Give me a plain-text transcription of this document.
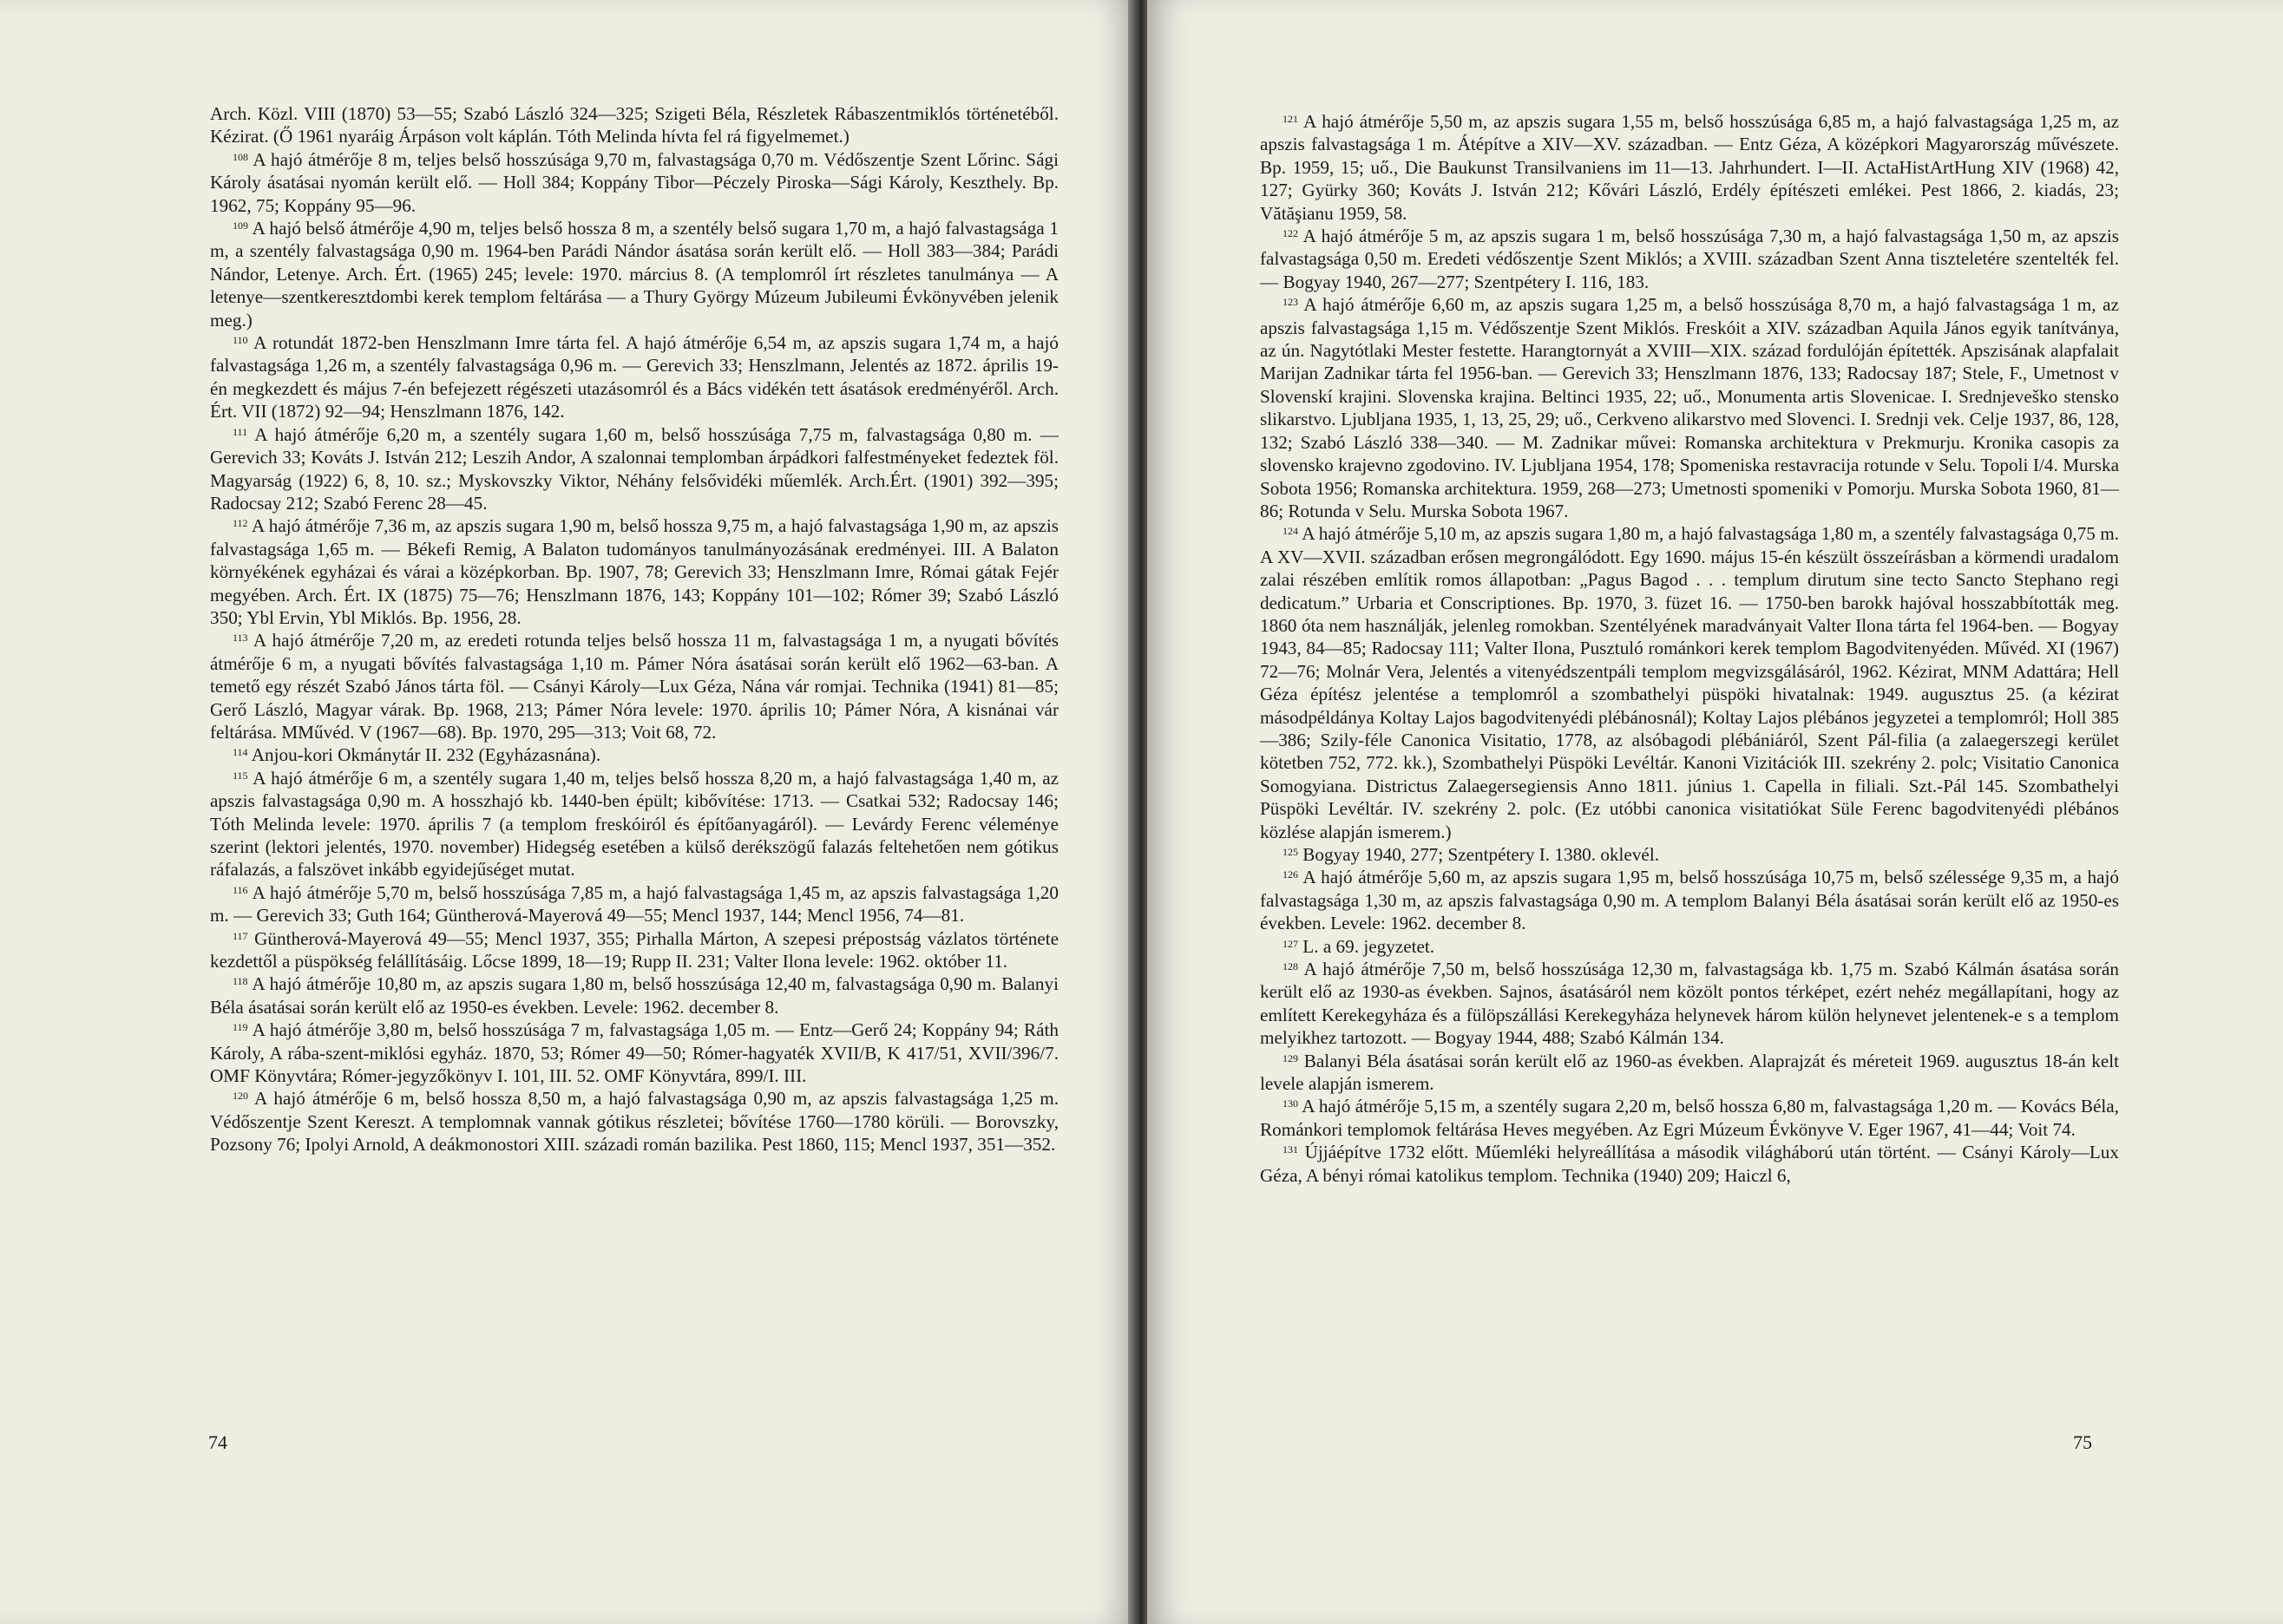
Arch. Közl. VIII (1870) 53—55; Szabó László 324—325; Szigeti Béla, Részletek Rábaszentmiklós történetéből. Kézirat. (Ő 1961 nyaráig Árpáson volt káplán. Tóth Melinda hívta fel rá figyelmemet.)

$^{108}$ A hajó átmérője 8 m, teljes belső hosszúsága 9,70 m, falvastagsága 0,70 m. Védőszentje Szent Lőrinc. Sági Károly ásatásai nyomán került elő. — Holl 384; Koppány Tibor—Péczely Piroska—Sági Károly, Keszthely. Bp. 1962, 75; Koppány 95—96.

$^{109}$ A hajó belső átmérője 4,90 m, teljes belső hossza 8 m, a szentély belső sugara 1,70 m, a hajó falvastagsága 1 m, a szentély falvastagsága 0,90 m. 1964-ben Parádi Nándor ásatása során került elő. — Holl 383—384; Parádi Nándor, Letenye. Arch. Ért. (1965) 245; levele: 1970. március 8. (A templomról írt részletes tanulmánya — A letenye—szentkeresztdombi kerek templom feltárása — a Thury György Múzeum Jubileumi Évkönyvében jelenik meg.)

$^{110}$ A rotundát 1872-ben Henszlmann Imre tárta fel. A hajó átmérője 6,54 m, az apszis sugara 1,74 m, a hajó falvastagsága 1,26 m, a szentély falvastagsága 0,96 m. — Gerevich 33; Henszlmann, Jelentés az 1872. április 19-én megkezdett és május 7-én befejezett régészeti utazásomról és a Bács vidékén tett ásatások eredményéről. Arch. Ért. VII (1872) 92—94; Henszlmann 1876, 142.

$^{111}$ A hajó átmérője 6,20 m, a szentély sugara 1,60 m, belső hosszúsága 7,75 m, falvastagsága 0,80 m. — Gerevich 33; Kováts J. István 212; Leszih Andor, A szalonnai templomban árpádkori falfestményeket fedeztek föl. Magyarság (1922) 6, 8, 10. sz.; Myskovszky Viktor, Néhány felsővidéki műemlék. Arch.Ért. (1901) 392—395; Radocsay 212; Szabó Ferenc 28—45.

$^{112}$ A hajó átmérője 7,36 m, az apszis sugara 1,90 m, belső hossza 9,75 m, a hajó falvastagsága 1,90 m, az apszis falvastagsága 1,65 m. — Békefi Remig, A Balaton tudományos tanulmányozásának eredményei. III. A Balaton környékének egyházai és várai a középkorban. Bp. 1907, 78; Gerevich 33; Henszlmann Imre, Római gátak Fejér megyében. Arch. Ért. IX (1875) 75—76; Henszlmann 1876, 143; Koppány 101—102; Rómer 39; Szabó László 350; Ybl Ervin, Ybl Miklós. Bp. 1956, 28.

$^{113}$ A hajó átmérője 7,20 m, az eredeti rotunda teljes belső hossza 11 m, falvastagsága 1 m, a nyugati bővítés átmérője 6 m, a nyugati bővítés falvastagsága 1,10 m. Pámer Nóra ásatásai során került elő 1962—63-ban. A temető egy részét Szabó János tárta föl. — Csányi Károly—Lux Géza, Nána vár romjai. Technika (1941) 81—85; Gerő László, Magyar várak. Bp. 1968, 213; Pámer Nóra levele: 1970. április 10; Pámer Nóra, A kisnánai vár feltárása. MMűvéd. V (1967—68). Bp. 1970, 295—313; Voit 68, 72.

$^{114}$ Anjou-kori Okmánytár II. 232 (Egyházasnána).

$^{115}$ A hajó átmérője 6 m, a szentély sugara 1,40 m, teljes belső hossza 8,20 m, a hajó falvastagsága 1,40 m, az apszis falvastagsága 0,90 m. A hosszhajó kb. 1440-ben épült; kibővítése: 1713. — Csatkai 532; Radocsay 146; Tóth Melinda levele: 1970. április 7 (a templom freskóiról és építőanyagáról). — Levárdy Ferenc véleménye szerint (lektori jelentés, 1970. november) Hidegség esetében a külső derékszögű falazás feltehetően nem gótikus ráfalazás, a falszövet inkább egyidejűséget mutat.

$^{116}$ A hajó átmérője 5,70 m, belső hosszúsága 7,85 m, a hajó falvastagsága 1,45 m, az apszis falvastagsága 1,20 m. — Gerevich 33; Guth 164; Güntherová-Mayerová 49—55; Mencl 1937, 144; Mencl 1956, 74—81.

$^{117}$ Güntherová-Mayerová 49—55; Mencl 1937, 355; Pirhalla Márton, A szepesi prépostság vázlatos története kezdettől a püspökség felállításáig. Lőcse 1899, 18—19; Rupp II. 231; Valter Ilona levele: 1962. október 11.

$^{118}$ A hajó átmérője 10,80 m, az apszis sugara 1,80 m, belső hosszúsága 12,40 m, falvastagsága 0,90 m. Balanyi Béla ásatásai során került elő az 1950-es években. Levele: 1962. december 8.

$^{119}$ A hajó átmérője 3,80 m, belső hosszúsága 7 m, falvastagsága 1,05 m. — Entz—Gerő 24; Koppány 94; Ráth Károly, A rába-szent-miklósi egyház. 1870, 53; Rómer 49—50; Rómer-hagyaték XVII/B, K 417/51, XVII/396/7. OMF Könyvtára; Rómer-jegyzőkönyv I. 101, III. 52. OMF Könyvtára, 899/I. III.

$^{120}$ A hajó átmérője 6 m, belső hossza 8,50 m, a hajó falvastagsága 0,90 m, az apszis falvastagsága 1,25 m. Védőszentje Szent Kereszt. A templomnak vannak gótikus részletei; bővítése 1760—1780 körüli. — Borovszky, Pozsony 76; Ipolyi Arnold, A deákmonostori XIII. századi román bazilika. Pest 1860, 115; Mencl 1937, 351—352.

74

$^{121}$ A hajó átmérője 5,50 m, az apszis sugara 1,55 m, belső hosszúsága 6,85 m, a hajó falvastagsága 1,25 m, az apszis falvastagsága 1 m. Átépítve a XIV—XV. században. — Entz Géza, A középkori Magyarország művészete. Bp. 1959, 15; uő., Die Baukunst Transilvaniens im 11—13. Jahrhundert. I—II. ActaHistArtHung XIV (1968) 42, 127; Gyürky 360; Kováts J. István 212; Kővári László, Erdély építészeti emlékei. Pest 1866, 2. kiadás, 23; Vătăşianu 1959, 58.

$^{122}$ A hajó átmérője 5 m, az apszis sugara 1 m, belső hosszúsága 7,30 m, a hajó falvastagsága 1,50 m, az apszis falvastagsága 0,50 m. Eredeti védőszentje Szent Miklós; a XVIII. században Szent Anna tiszteletére szentelték fel. — Bogyay 1940, 267—277; Szentpétery I. 116, 183.

$^{123}$ A hajó átmérője 6,60 m, az apszis sugara 1,25 m, a belső hosszúsága 8,70 m, a hajó falvastagsága 1 m, az apszis falvastagsága 1,15 m. Védőszentje Szent Miklós. Freskóit a XIV. században Aquila János egyik tanítványa, az ún. Nagytótlaki Mester festette. Harangtornyát a XVIII—XIX. század fordulóján építették. Apszisának alapfalait Marijan Zadnikar tárta fel 1956-ban. — Gerevich 33; Henszlmann 1876, 133; Radocsay 187; Stele, F., Umetnost v Slovenskí krajini. Slovenska krajina. Beltinci 1935, 22; uő., Monumenta artis Slovenicae. I. Srednjeveško stensko slikarstvo. Ljubljana 1935, 1, 13, 25, 29; uő., Cerkveno alikarstvo med Slovenci. I. Srednji vek. Celje 1937, 86, 128, 132; Szabó László 338—340. — M. Zadnikar művei: Romanska architektura v Prekmurju. Kronika casopis za slovensko krajevno zgodovino. IV. Ljubljana 1954, 178; Spomeniska restavracija rotunde v Selu. Topoli I/4. Murska Sobota 1956; Romanska architektura. 1959, 268—273; Umetnosti spomeniki v Pomorju. Murska Sobota 1960, 81—86; Rotunda v Selu. Murska Sobota 1967.

$^{124}$ A hajó átmérője 5,10 m, az apszis sugara 1,80 m, a hajó falvastagsága 1,80 m, a szentély falvastagsága 0,75 m. A XV—XVII. században erősen megrongálódott. Egy 1690. május 15-én készült összeírásban a körmendi uradalom zalai részében említik romos állapotban: „Pagus Bagod . . . templum dirutum sine tecto Sancto Stephano regi dedicatum.” Urbaria et Conscriptiones. Bp. 1970, 3. füzet 16. — 1750-ben barokk hajóval hosszabbították meg. 1860 óta nem használják, jelenleg romokban. Szentélyének maradványait Valter Ilona tárta fel 1964-ben. — Bogyay 1943, 84—85; Radocsay 111; Valter Ilona, Pusztuló románkori kerek templom Bagodvitenyéden. Művéd. XI (1967) 72—76; Molnár Vera, Jelentés a vitenyédszentpáli templom megvizsgálásáról, 1962. Kézirat, MNM Adattára; Hell Géza építész jelentése a templomról a szombathelyi püspöki hivatalnak: 1949. augusztus 25. (a kézirat másodpéldánya Koltay Lajos bagodvitenyédi plébánosnál); Koltay Lajos plébános jegyzetei a templomról; Holl 385—386; Szily-féle Canonica Visitatio, 1778, az alsóbagodi plébániáról, Szent Pál-filia (a zalaegerszegi kerület kötetben 752, 772. kk.), Szombathelyi Püspöki Levéltár. Kanoni Vizitációk III. szekrény 2. polc; Visitatio Canonica Somogyiana. Districtus Zalaegersegiensis Anno 1811. június 1. Capella in filiali. Szt.-Pál 145. Szombathelyi Püspöki Levéltár. IV. szekrény 2. polc. (Ez utóbbi canonica visitatiókat Süle Ferenc bagodvitenyédi plébános közlése alapján ismerem.)

$^{125}$ Bogyay 1940, 277; Szentpétery I. 1380. oklevél.

$^{126}$ A hajó átmérője 5,60 m, az apszis sugara 1,95 m, belső hosszúsága 10,75 m, belső szélessége 9,35 m, a hajó falvastagsága 1,30 m, az apszis falvastagsága 0,90 m. A templom Balanyi Béla ásatásai során került elő az 1950-es években. Levele: 1962. december 8.

$^{127}$ L. a 69. jegyzetet.

$^{128}$ A hajó átmérője 7,50 m, belső hosszúsága 12,30 m, falvastagsága kb. 1,75 m. Szabó Kálmán ásatása során került elő az 1930-as években. Sajnos, ásatásáról nem közölt pontos térképet, ezért nehéz megállapítani, hogy az említett Kerekegyháza és a fülöpszállási Kerekegyháza helynevek három külön helynevet jelentenek-e s a templom melyikhez tartozott. — Bogyay 1944, 488; Szabó Kálmán 134.

$^{129}$ Balanyi Béla ásatásai során került elő az 1960-as években. Alaprajzát és méreteit 1969. augusztus 18-án kelt levele alapján ismerem.

$^{130}$ A hajó átmérője 5,15 m, a szentély sugara 2,20 m, belső hossza 6,80 m, falvastagsága 1,20 m. — Kovács Béla, Románkori templomok feltárása Heves megyében. Az Egri Múzeum Évkönyve V. Eger 1967, 41—44; Voit 74.

$^{131}$ Újjáépítve 1732 előtt. Műemléki helyreállítása a második világháború után történt. — Csányi Károly—Lux Géza, A bényi római katolikus templom. Technika (1940) 209; Haiczl 6,

75
